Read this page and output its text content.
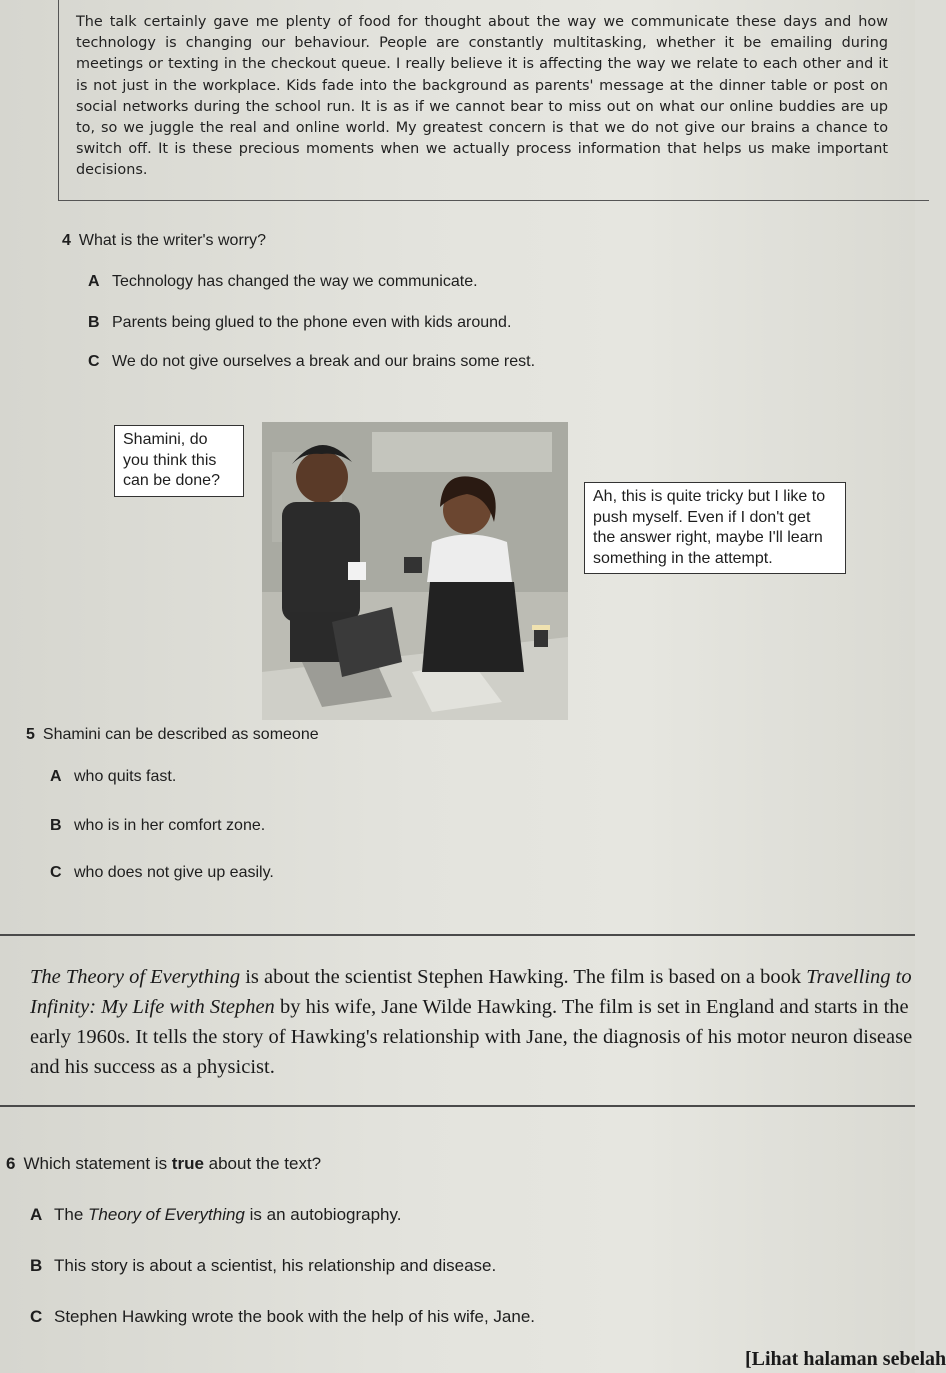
The talk certainly gave me plenty of food for thought about the way we communicate these days and how technology is changing our behaviour. People are constantly multitasking, whether it be emailing during meetings or texting in the checkout queue. I really believe it is affecting the way we relate to each other and it is not just in the workplace. Kids fade into the background as parents' message at the dinner table or post on social networks during the school run. It is as if we cannot bear to miss out on what our online buddies are up to, so we juggle the real and online world. My greatest concern is that we do not give our brains a chance to switch off. It is these precious moments when we actually process information that helps us make important decisions.

4 What is the writer's worry?

A Technology has changed the way we communicate.

B Parents being glued to the phone even with kids around.

C We do not give ourselves a break and our brains some rest.

Shamini, do you think this can be done?
Ah, this is quite tricky but I like to push myself. Even if I don't get the answer right, maybe I'll learn something in the attempt.

5 Shamini can be described as someone

A who quits fast.

B who is in her comfort zone.

C who does not give up easily.

The Theory of Everything is about the scientist Stephen Hawking. The film is based on a book Travelling to Infinity: My Life with Stephen by his wife, Jane Wilde Hawking. The film is set in England and starts in the early 1960s. It tells the story of Hawking's relationship with Jane, the diagnosis of his motor neuron disease and his success as a physicist.

6 Which statement is true about the text?

A The Theory of Everything is an autobiography.

B This story is about a scientist, his relationship and disease.

C Stephen Hawking wrote the book with the help of his wife, Jane.

[Lihat halaman sebelah
